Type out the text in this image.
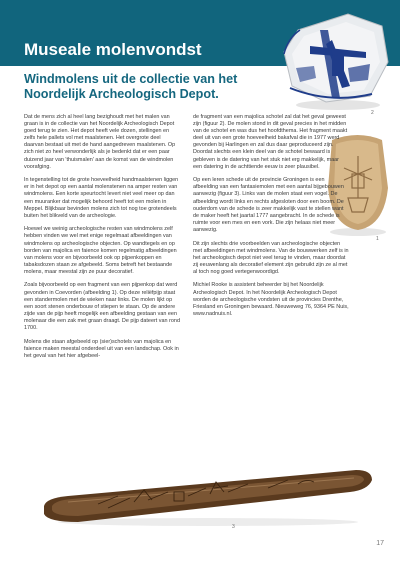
Museale molenvondst
Windmolens uit de collectie van het Noordelijk Archeologisch Depot.
2
1

Dat de mens zich al heel lang bezighoudt met het malen van graan is in de collectie van het Noordelijk Archeologisch Depot goed terug te zien. Het depot heeft vele dozen, stellingen en zelfs hele pallets vol met maalstenen. Het overgrote deel daarvan bestaat uit met de hand aangedreven maalstenen. Op zich niet zo heel verwonderlijk als je bedenkt dat er een paar duizend jaar van 'thuismalen' aan de komst van de windmolen voorafging.

In tegenstelling tot de grote hoeveelheid handmaalstenen liggen er in het depot op een aantal molenstenen na amper resten van windmolens. Een korte speurtocht levert niet veel meer op dan een muuranker dat mogelijk behoord heeft tot een molen in Meppel. Blijkbaar bevinden molens zich tot nog toe grotendeels buiten het blikveld van de archeologie.

Hoewel we weinig archeologische resten van windmolens zelf hebben vinden we wel met enige regelmaat afbeeldingen van windmolens op archeologische objecten. Op wandtegels en op borden van majolica en faience komen regelmatig afbeeldingen van molens voor en bijvoorbeeld ook op pijpenkoppen en tabaksdozen staan ze afgebeeld. Soms betreft het bestaande molens, maar meestal zijn ze puur decoratief.

Zoals bijvoorbeeld op een fragment van een pijpenkop dat werd gevonden in Coevorden (afbeelding 1). Op deze reliëfpijp staat een standermolen met de wieken naar links. De molen lijkt op een soort stenen onderbouw of stiepen te staan. Op de andere zijde van de pijp heeft mogelijk een afbeelding gestaan van een molenaar die een zak met graan draagt. De pijp dateert van rond 1700.

Molens die staan afgebeeld op (sier)schotels van majolica en faience maken meestal onderdeel uit van een landschap. Ook in het geval van het hier afgebeel-

de fragment van een majolica schotel zal dat het geval geweest zijn (figuur 2). De molen stond in dit geval precies in het midden van de schotel en was dus het hoofdthema. Het fragment maakt deel uit van een grote hoeveelheid bakafval die in 1977 werd gevonden bij Harlingen en zal dus daar geproduceerd zijn. Doordat slechts een klein deel van de schotel bewaard is gebleven is de datering van het stuk niet erg makkelijk, maar een datering in de achttiende eeuw is zeer plausibel.

Op een leren schede uit de provincie Groningen is een afbeelding van een fantasiemolen met een aantal bijgebouwen aanwezig (figuur 3). Links van de molen staat een vogel. De afbeelding wordt links en rechts afgesloten door een boom. De ouderdom van de schede is zeer makkelijk vast te stellen want de maker heeft het jaartal 1777 aangebracht. In de schede is ruimte voor een mes en een vork. Die zijn helaas niet meer aanwezig.

Dit zijn slechts drie voorbeelden van archeologische objecten met afbeeldingen met windmolens. Van de bouwwerken zelf is in het archeologisch depot niet veel terug te vinden, maar doordat zij eeuwenlang als decoratief element zijn gebruikt zijn ze al met al toch nog goed vertegenwoordigd.

Michiel Rooke is assistent beheerder bij het Noordelijk Archeologisch Depot. In het Noordelijk Archeologisch Depot worden de archeologische vondsten uit de provincies Drenthe, Friesland en Groningen bewaard. Nieuweweg 76, 9364 PE Nuis, www.nadnuis.nl.

3
17
